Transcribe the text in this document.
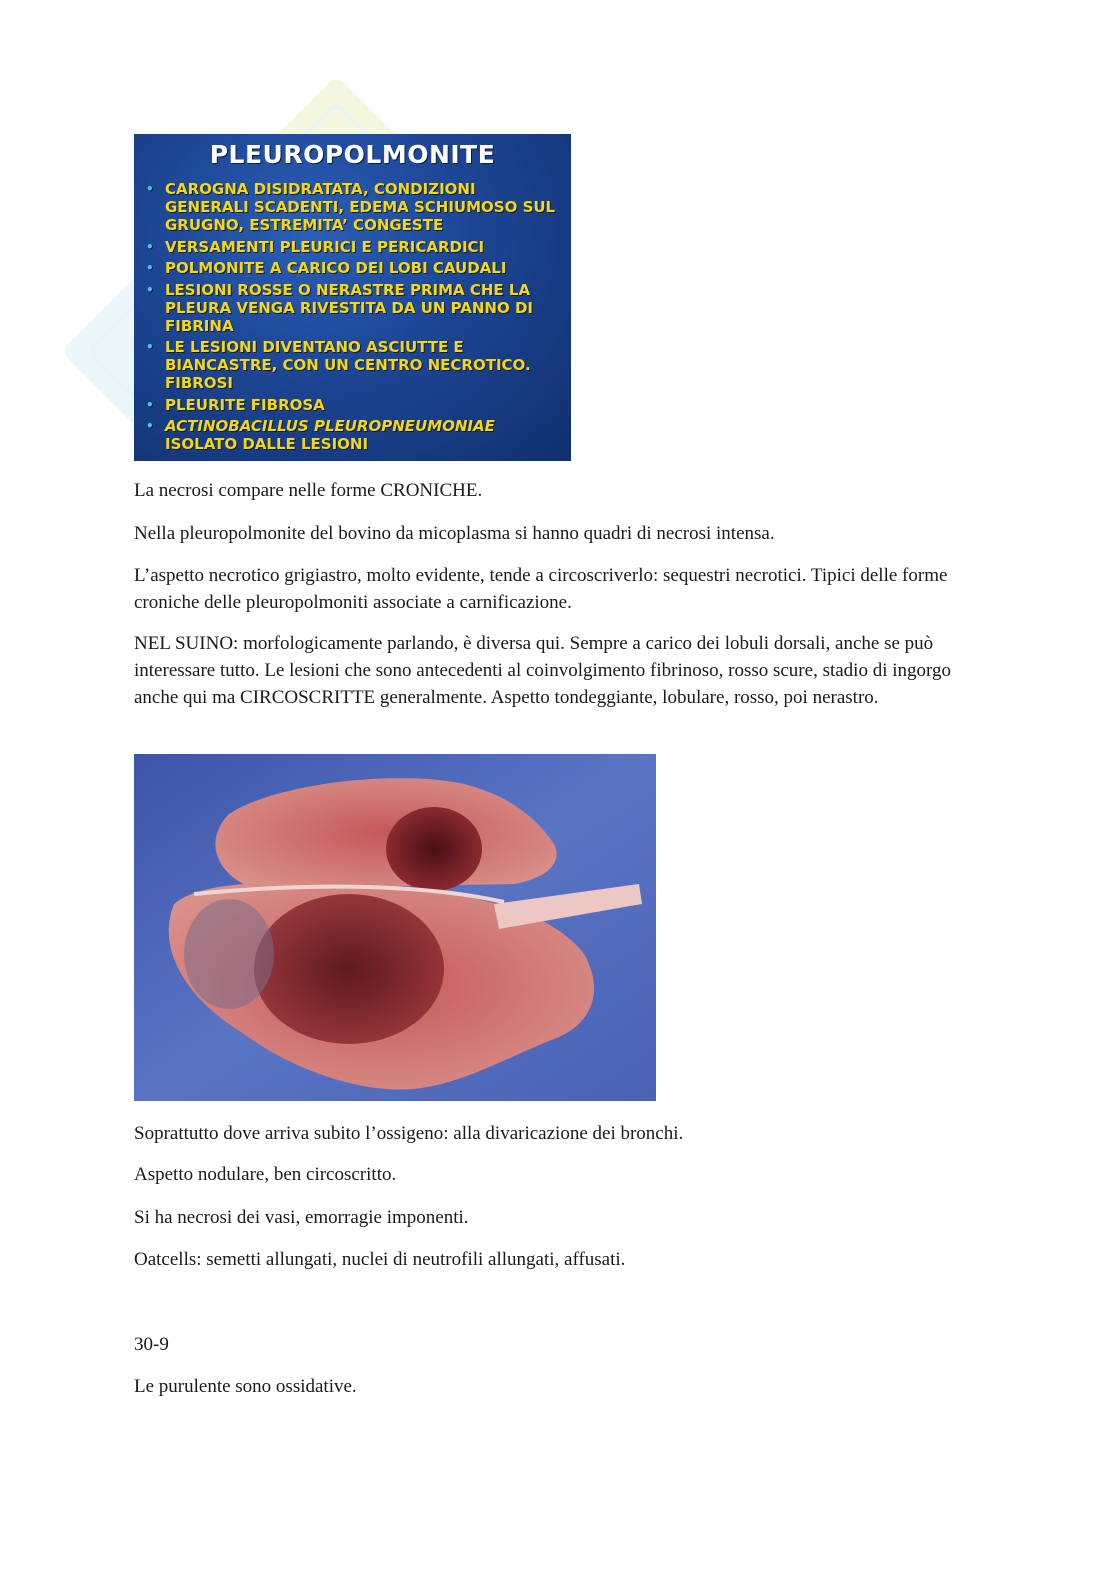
PLEUROPOLMONITE
• CAROGNA DISIDRATATA, CONDIZIONI GENERALI SCADENTI, EDEMA SCHIUMOSO SUL GRUGNO, ESTREMITA’ CONGESTE
• VERSAMENTI PLEURICI E PERICARDICI
• POLMONITE A CARICO DEI LOBI CAUDALI
• LESIONI ROSSE O NERASTRE PRIMA CHE LA PLEURA VENGA RIVESTITA DA UN PANNO DI FIBRINA
• LE LESIONI DIVENTANO ASCIUTTE E BIANCASTRE, CON UN CENTRO NECROTICO. FIBROSI
• PLEURITE FIBROSA
• ACTINOBACILLUS PLEUROPNEUMONIAE
ISOLATO DALLE LESIONI

La necrosi compare nelle forme CRONICHE.

Nella pleuropolmonite del bovino da micoplasma si hanno quadri di necrosi intensa.

L’aspetto necrotico grigiastro, molto evidente, tende a circoscriverlo: sequestri necrotici. Tipici delle forme croniche delle pleuropolmoniti associate a carnificazione.

NEL SUINO: morfologicamente parlando, è diversa qui. Sempre a carico dei lobuli dorsali, anche se può interessare tutto. Le lesioni che sono antecedenti al coinvolgimento fibrinoso, rosso scure, stadio di ingorgo anche qui ma CIRCOSCRITTE generalmente. Aspetto tondeggiante, lobulare, rosso, poi nerastro.

Soprattutto dove arriva subito l’ossigeno: alla divaricazione dei bronchi.

Aspetto nodulare, ben circoscritto.

Si ha necrosi dei vasi, emorragie imponenti.

Oatcells: semetti allungati, nuclei di neutrofili allungati, affusati.

30-9

Le purulente sono ossidative.
